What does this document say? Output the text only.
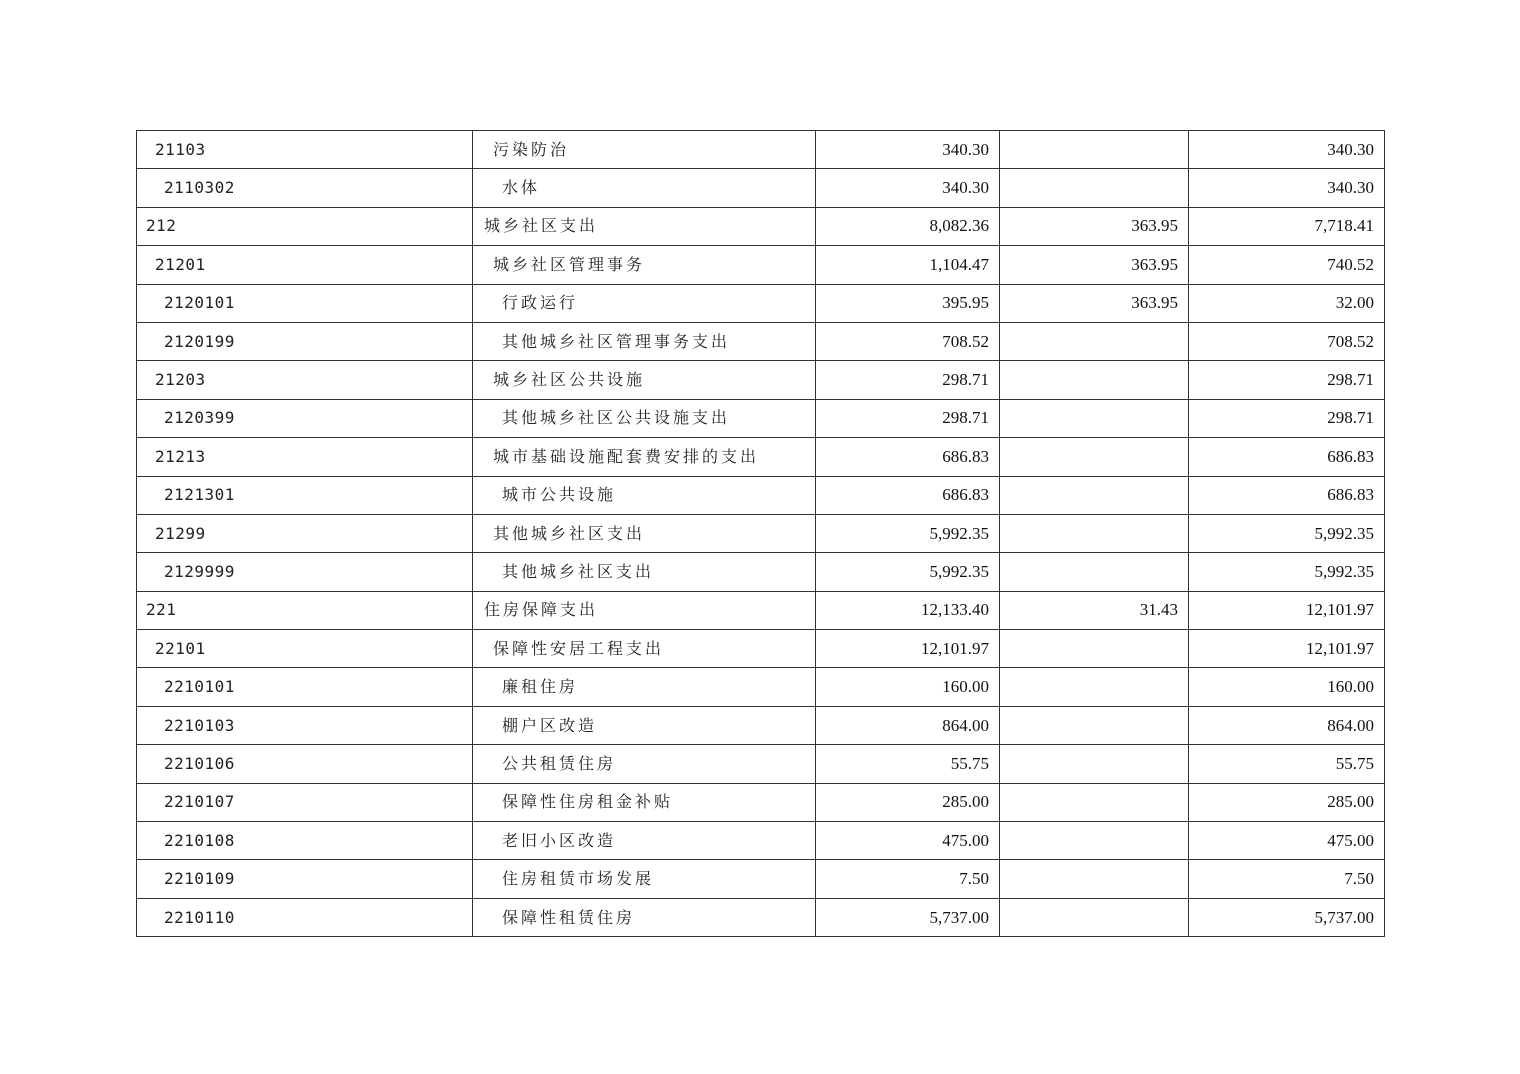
21103	污染防治	340.30		340.30
2110302	水体	340.30		340.30
212	城乡社区支出	8,082.36	363.95	7,718.41
21201	城乡社区管理事务	1,104.47	363.95	740.52
2120101	行政运行	395.95	363.95	32.00
2120199	其他城乡社区管理事务支出	708.52		708.52
21203	城乡社区公共设施	298.71		298.71
2120399	其他城乡社区公共设施支出	298.71		298.71
21213	城市基础设施配套费安排的支出	686.83		686.83
2121301	城市公共设施	686.83		686.83
21299	其他城乡社区支出	5,992.35		5,992.35
2129999	其他城乡社区支出	5,992.35		5,992.35
221	住房保障支出	12,133.40	31.43	12,101.97
22101	保障性安居工程支出	12,101.97		12,101.97
2210101	廉租住房	160.00		160.00
2210103	棚户区改造	864.00		864.00
2210106	公共租赁住房	55.75		55.75
2210107	保障性住房租金补贴	285.00		285.00
2210108	老旧小区改造	475.00		475.00
2210109	住房租赁市场发展	7.50		7.50
2210110	保障性租赁住房	5,737.00		5,737.00
